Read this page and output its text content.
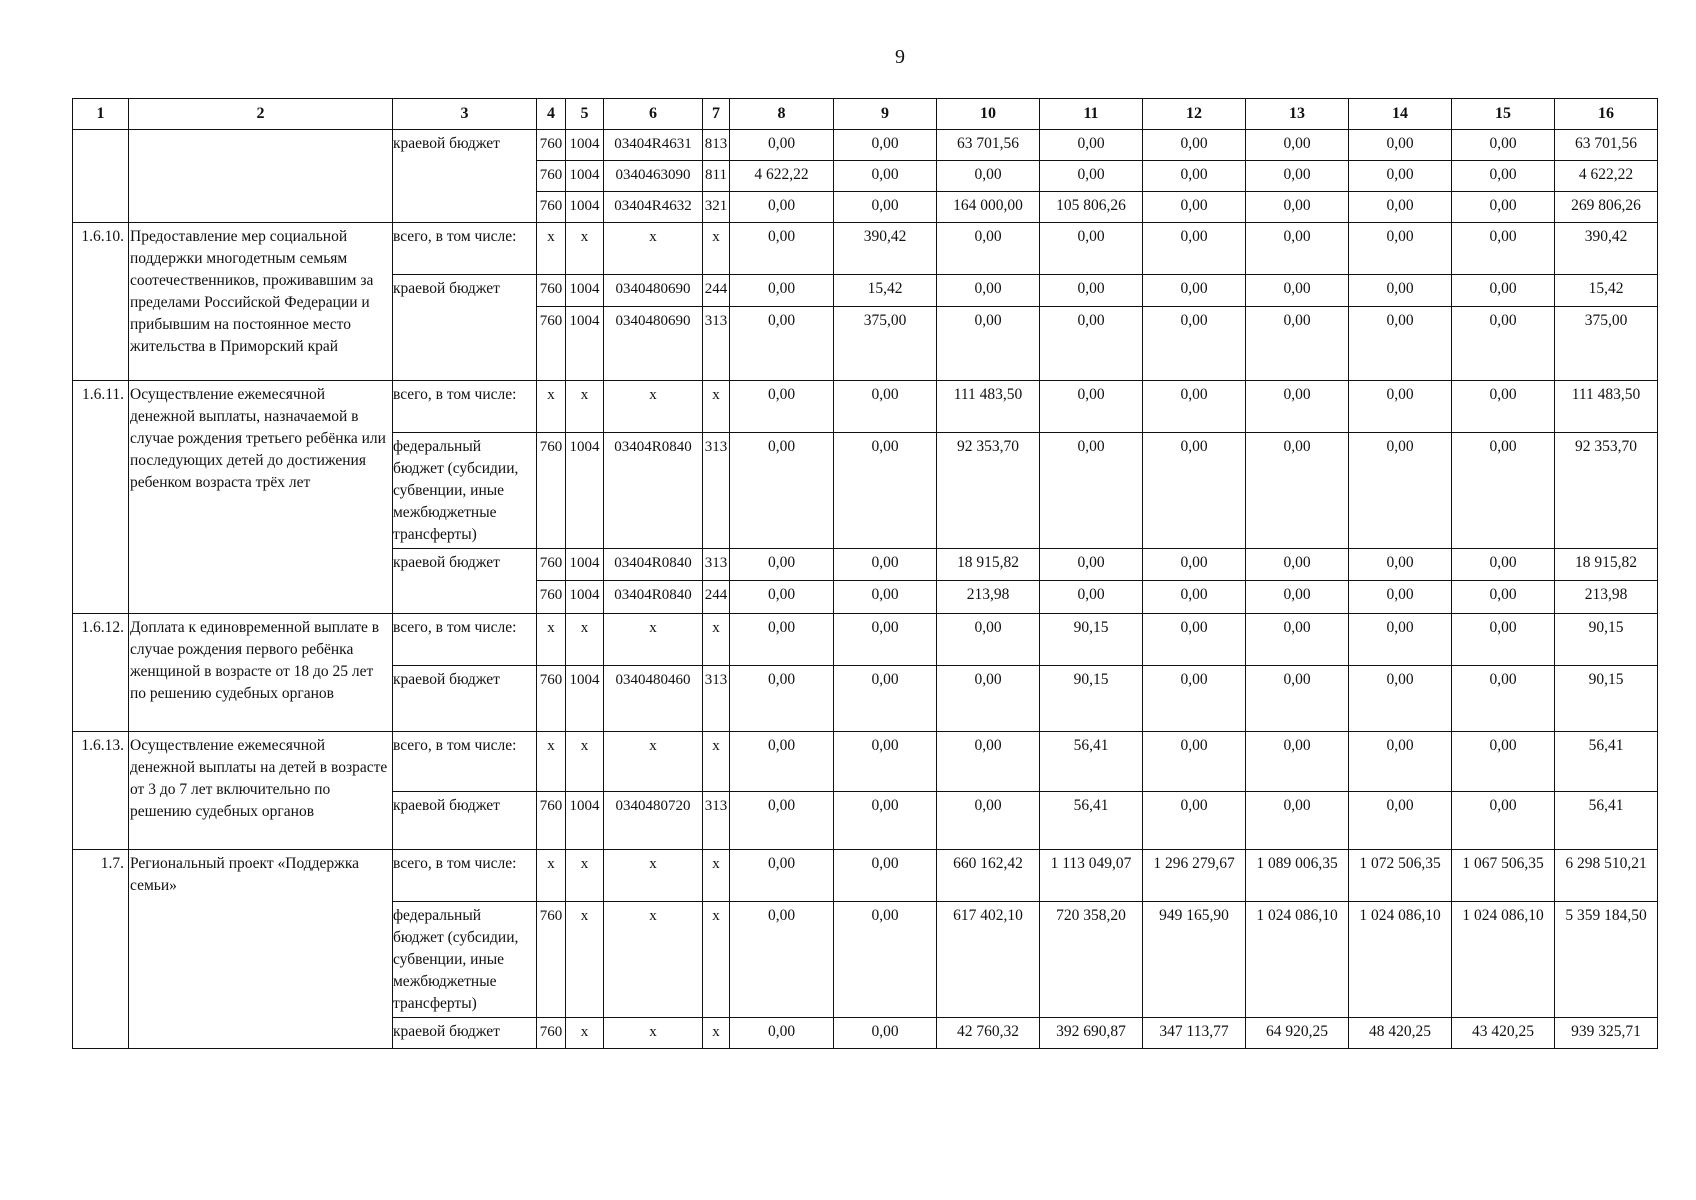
9
1	2	3	4	5	6	7	8	9	10	11	12	13	14	15	16
		краевой бюджет	760	1004	03404R4631	813	0,00	0,00	63 701,56	0,00	0,00	0,00	0,00	0,00	63 701,56
			760	1004	0340463090	811	4 622,22	0,00	0,00	0,00	0,00	0,00	0,00	0,00	4 622,22
			760	1004	03404R4632	321	0,00	0,00	164 000,00	105 806,26	0,00	0,00	0,00	0,00	269 806,26
1.6.10.	Предоставление мер социальной поддержки многодетным семьям соотечественников, проживавшим за пределами Российской Федерации и прибывшим на постоянное место жительства в Приморский край	всего, в том числе:	х	х	х	х	0,00	390,42	0,00	0,00	0,00	0,00	0,00	0,00	390,42
		краевой бюджет	760	1004	0340480690	244	0,00	15,42	0,00	0,00	0,00	0,00	0,00	0,00	15,42
			760	1004	0340480690	313	0,00	375,00	0,00	0,00	0,00	0,00	0,00	0,00	375,00
1.6.11.	Осуществление ежемесячной денежной выплаты, назначаемой в случае рождения третьего ребёнка или последующих детей до достижения ребенком возраста трёх лет	всего, в том числе:	х	х	х	х	0,00	0,00	111 483,50	0,00	0,00	0,00	0,00	0,00	111 483,50
		федеральный бюджет (субсидии, субвенции, иные межбюджетные трансферты)	760	1004	03404R0840	313	0,00	0,00	92 353,70	0,00	0,00	0,00	0,00	0,00	92 353,70
		краевой бюджет	760	1004	03404R0840	313	0,00	0,00	18 915,82	0,00	0,00	0,00	0,00	0,00	18 915,82
			760	1004	03404R0840	244	0,00	0,00	213,98	0,00	0,00	0,00	0,00	0,00	213,98
1.6.12.	Доплата к единовременной выплате в случае рождения первого ребёнка женщиной в возрасте от 18 до 25 лет по решению судебных органов	всего, в том числе:	х	х	х	х	0,00	0,00	0,00	90,15	0,00	0,00	0,00	0,00	90,15
		краевой бюджет	760	1004	0340480460	313	0,00	0,00	0,00	90,15	0,00	0,00	0,00	0,00	90,15
1.6.13.	Осуществление ежемесячной денежной выплаты на детей в возрасте от 3 до 7 лет включительно по решению судебных органов	всего, в том числе:	х	х	х	х	0,00	0,00	0,00	56,41	0,00	0,00	0,00	0,00	56,41
		краевой бюджет	760	1004	0340480720	313	0,00	0,00	0,00	56,41	0,00	0,00	0,00	0,00	56,41
1.7.	Региональный проект «Поддержка семьи»	всего, в том числе:	х	х	х	х	0,00	0,00	660 162,42	1 113 049,07	1 296 279,67	1 089 006,35	1 072 506,35	1 067 506,35	6 298 510,21
		федеральный бюджет (субсидии, субвенции, иные межбюджетные трансферты)	760	х	х	х	0,00	0,00	617 402,10	720 358,20	949 165,90	1 024 086,10	1 024 086,10	1 024 086,10	5 359 184,50
		краевой бюджет	760	х	х	х	0,00	0,00	42 760,32	392 690,87	347 113,77	64 920,25	48 420,25	43 420,25	939 325,71
